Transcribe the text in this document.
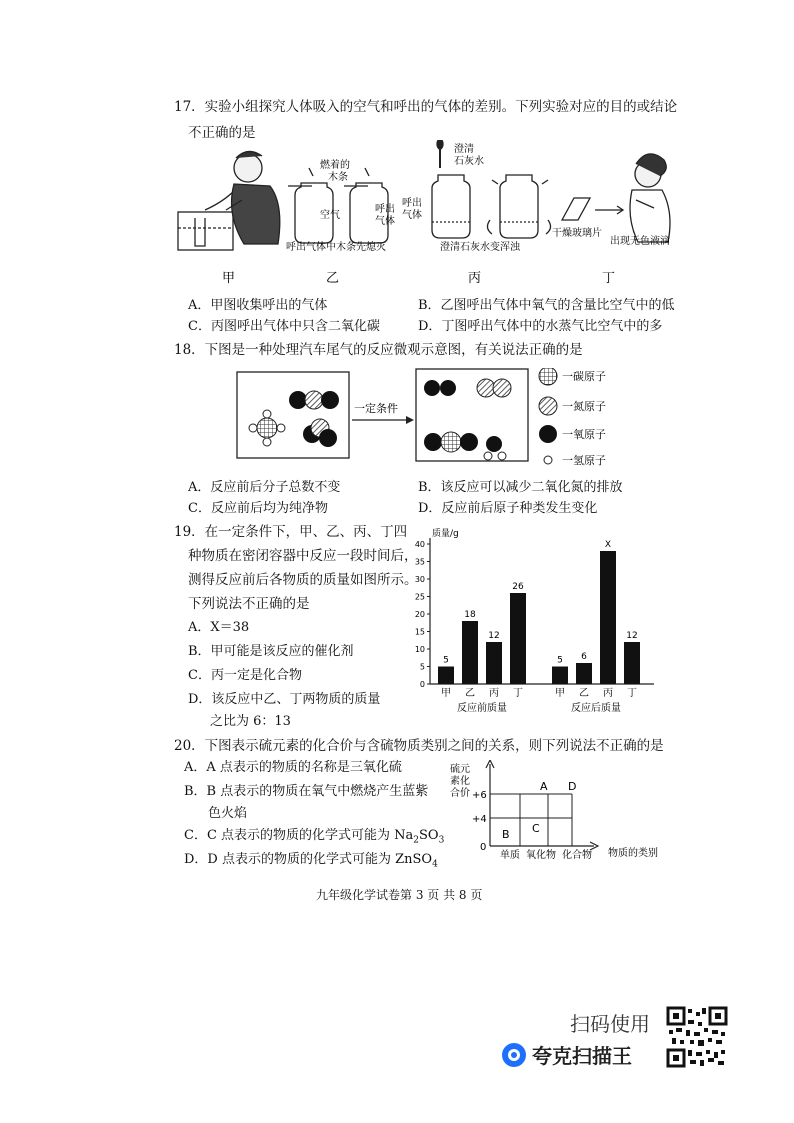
17．实验小组探究人体吸入的空气和呼出的气体的差别。下列实验对应的目的或结论
不正确的是
燃着的
木条
空气
呼出
气体
呼出气体中木条先熄灭
澄清
石灰水
呼出
气体
澄清石灰水变浑浊
干燥玻璃片
出现无色液滴
甲	乙	丙	丁
A．甲图收集呼出的气体	B．乙图呼出气体中氧气的含量比空气中的低
C．丙图呼出气体中只含二氧化碳	D．丁图呼出气体中的水蒸气比空气中的多
18．下图是一种处理汽车尾气的反应微观示意图，有关说法正确的是
一定条件
一碳原子
一氮原子
一氧原子
一氢原子
A．反应前后分子总数不变	B．该反应可以减少二氧化氮的排放
C．反应前后均为纯净物	D．反应前后原子种类发生变化
19．在一定条件下，甲、乙、丙、丁四
种物质在密闭容器中反应一段时间后，
测得反应前后各物质的质量如图所示。
下列说法不正确的是
A．X＝38
B．甲可能是该反应的催化剂
C．丙一定是化合物
D．该反应中乙、丁两物质的质量
之比为 6：13
质量/g
0
5
10
15
20
25
30
35
40
5
甲
18
乙
12
丙
26
丁
反应前质量
5
甲
6
乙
X
丙
12
丁
反应后质量
20．下图表示硫元素的化合价与含硫物质类别之间的关系，则下列说法不正确的是
A．A 点表示的物质的名称是三氧化硫
B．B 点表示的物质在氧气中燃烧产生蓝紫
色火焰
C．C 点表示的物质的化学式可能为 $Na_2SO_3$
D．D 点表示的物质的化学式可能为 ZnSO$_4$
硫元
素化
合价 +6
+4
0
单质 氧化物 化合物 物质的类别
A
B C
D
九年级化学试卷第 3 页 共 8 页
扫码使用
夸克扫描王
